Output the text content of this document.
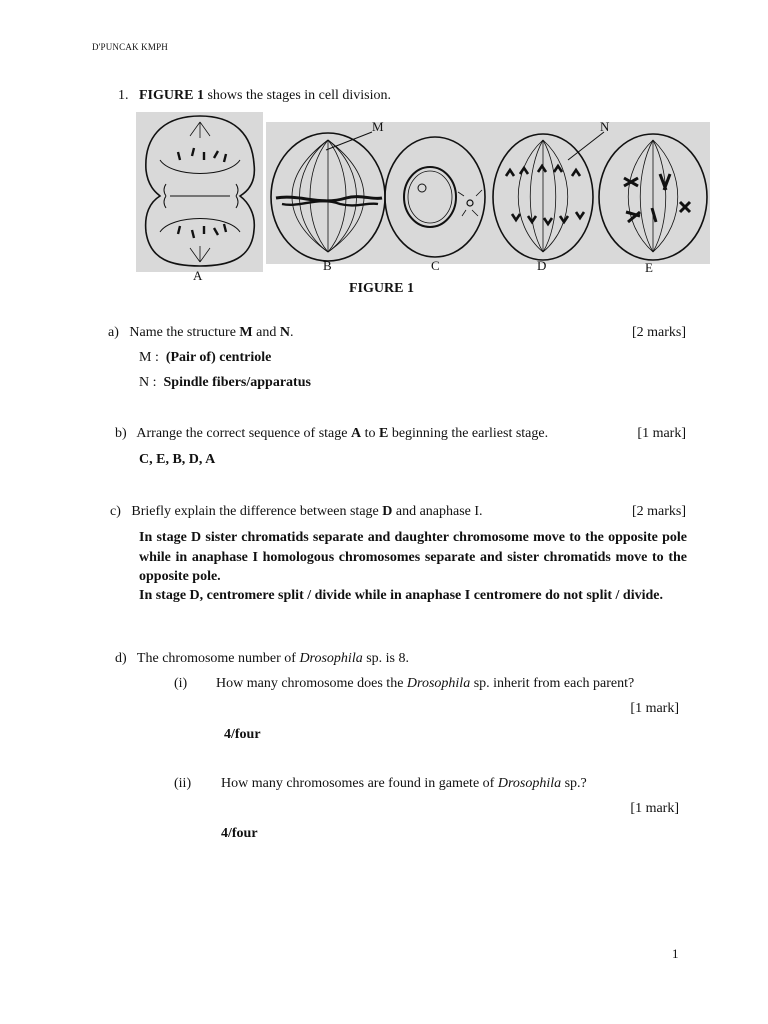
D'PUNCAK KMPH
1. FIGURE 1 shows the stages in cell division.
M	N
A
B	C	D	E
FIGURE 1
a) Name the structure M and N.	[2 marks]
M : (Pair of) centriole
N : Spindle fibers/apparatus
b) Arrange the correct sequence of stage A to E beginning the earliest stage.	[1 mark]
C, E, B, D, A
c) Briefly explain the difference between stage D and anaphase I.	[2 marks]
In stage D sister chromatids separate and daughter chromosome move to the opposite pole while in anaphase I homologous chromosomes separate and sister chromatids move to the opposite pole.
In stage D, centromere split / divide while in anaphase I centromere do not split / divide.
d) The chromosome number of Drosophila sp. is 8.
(i) How many chromosome does the Drosophila sp. inherit from each parent?
[1 mark]
4/four
(ii) How many chromosomes are found in gamete of Drosophila sp.?
[1 mark]
4/four
1
